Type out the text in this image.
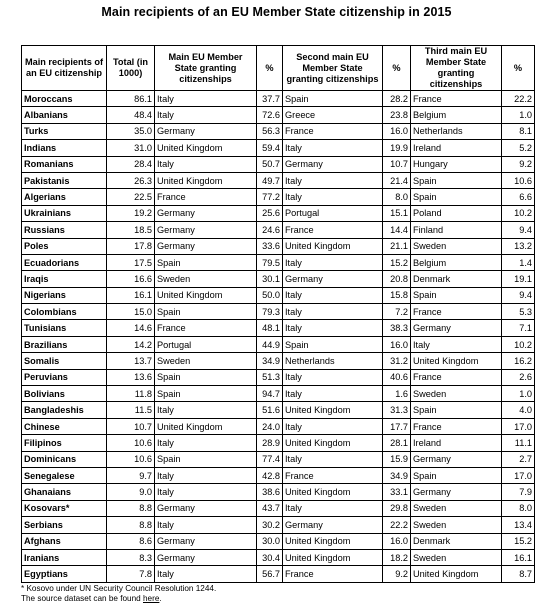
Main recipients of an EU Member State citizenship in 2015
Main recipients of an EU citizenship	Total (in 1000)	Main EU Member State granting citizenships	%	Second main EU Member State granting citizenships	%	Third main EU Member State granting citizenships	%
Moroccans	86.1	Italy	37.7	Spain	28.2	France	22.2
Albanians	48.4	Italy	72.6	Greece	23.8	Belgium	1.0
Turks	35.0	Germany	56.3	France	16.0	Netherlands	8.1
Indians	31.0	United Kingdom	59.4	Italy	19.9	Ireland	5.2
Romanians	28.4	Italy	50.7	Germany	10.7	Hungary	9.2
Pakistanis	26.3	United Kingdom	49.7	Italy	21.4	Spain	10.6
Algerians	22.5	France	77.2	Italy	8.0	Spain	6.6
Ukrainians	19.2	Germany	25.6	Portugal	15.1	Poland	10.2
Russians	18.5	Germany	24.6	France	14.4	Finland	9.4
Poles	17.8	Germany	33.6	United Kingdom	21.1	Sweden	13.2
Ecuadorians	17.5	Spain	79.5	Italy	15.2	Belgium	1.4
Iraqis	16.6	Sweden	30.1	Germany	20.8	Denmark	19.1
Nigerians	16.1	United Kingdom	50.0	Italy	15.8	Spain	9.4
Colombians	15.0	Spain	79.3	Italy	7.2	France	5.3
Tunisians	14.6	France	48.1	Italy	38.3	Germany	7.1
Brazilians	14.2	Portugal	44.9	Spain	16.0	Italy	10.2
Somalis	13.7	Sweden	34.9	Netherlands	31.2	United Kingdom	16.2
Peruvians	13.6	Spain	51.3	Italy	40.6	France	2.6
Bolivians	11.8	Spain	94.7	Italy	1.6	Sweden	1.0
Bangladeshis	11.5	Italy	51.6	United Kingdom	31.3	Spain	4.0
Chinese	10.7	United Kingdom	24.0	Italy	17.7	France	17.0
Filipinos	10.6	Italy	28.9	United Kingdom	28.1	Ireland	11.1
Dominicans	10.6	Spain	77.4	Italy	15.9	Germany	2.7
Senegalese	9.7	Italy	42.8	France	34.9	Spain	17.0
Ghanaians	9.0	Italy	38.6	United Kingdom	33.1	Germany	7.9
Kosovars*	8.8	Germany	43.7	Italy	29.8	Sweden	8.0
Serbians	8.8	Italy	30.2	Germany	22.2	Sweden	13.4
Afghans	8.6	Germany	30.0	United Kingdom	16.0	Denmark	15.2
Iranians	8.3	Germany	30.4	United Kingdom	18.2	Sweden	16.1
Egyptians	7.8	Italy	56.7	France	9.2	United Kingdom	8.7
* Kosovo under UN Security Council Resolution 1244.
The source dataset can be found here.
